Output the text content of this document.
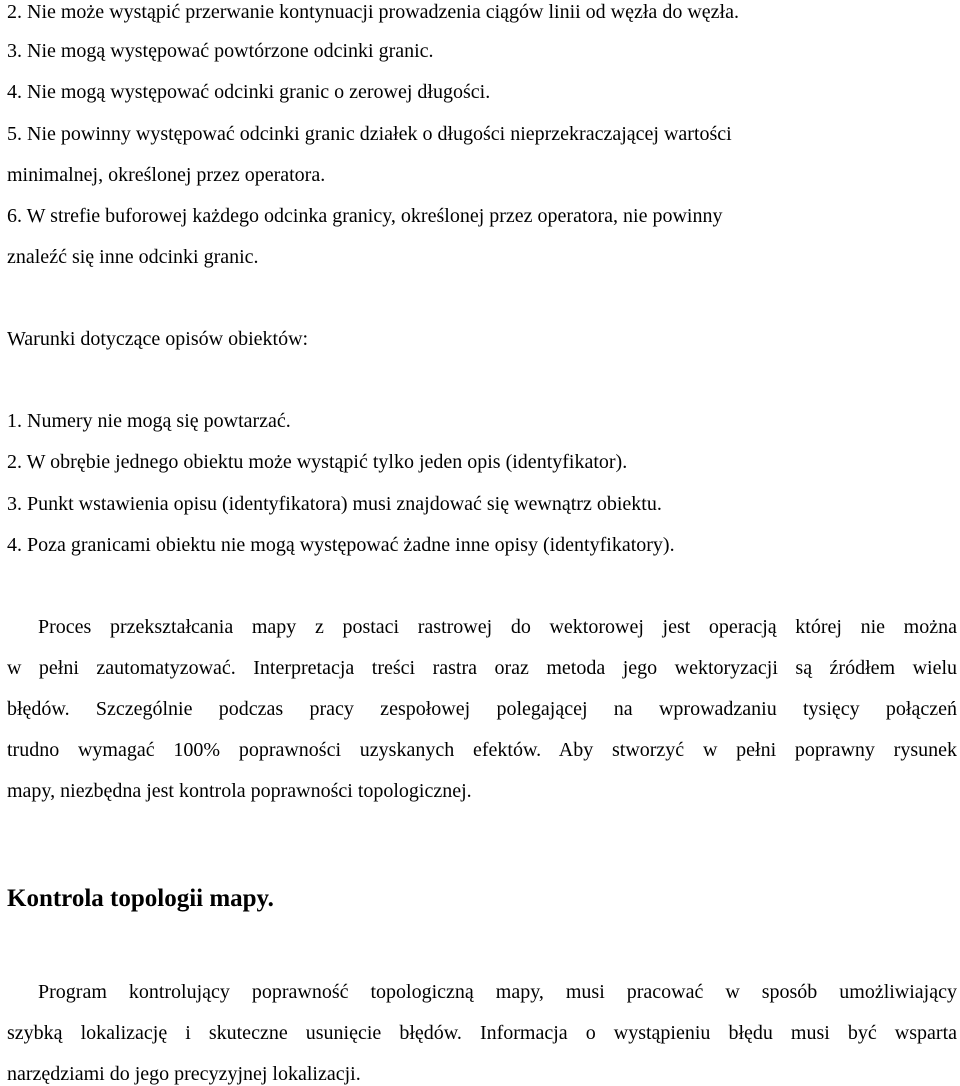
2. Nie może wystąpić przerwanie kontynuacji prowadzenia ciągów linii od węzła do węzła.
3. Nie mogą występować powtórzone odcinki granic.
4. Nie mogą występować odcinki granic o zerowej długości.
5. Nie powinny występować odcinki granic działek o długości nieprzekraczającej wartości
minimalnej, określonej przez operatora.
6. W strefie buforowej każdego odcinka granicy, określonej przez operatora, nie powinny
znaleźć się inne odcinki granic.
Warunki dotyczące opisów obiektów:
1. Numery nie mogą się powtarzać.
2. W obrębie jednego obiektu może wystąpić tylko jeden opis (identyfikator).
3. Punkt wstawienia opisu (identyfikatora) musi znajdować się wewnątrz obiektu.
4. Poza granicami obiektu nie mogą występować żadne inne opisy (identyfikatory).
Proces przekształcania mapy z postaci rastrowej do wektorowej jest operacją której nie można
w pełni zautomatyzować. Interpretacja treści rastra oraz metoda jego wektoryzacji są źródłem wielu
błędów. Szczególnie podczas pracy zespołowej polegającej na wprowadzaniu tysięcy połączeń
trudno wymagać 100% poprawności uzyskanych efektów. Aby stworzyć w pełni poprawny rysunek
mapy, niezbędna jest kontrola poprawności topologicznej.
Kontrola topologii mapy.
Program kontrolujący poprawność topologiczną mapy, musi pracować w sposób umożliwiający
szybką lokalizację i skuteczne usunięcie błędów. Informacja o wystąpieniu błędu musi być wsparta
narzędziami do jego precyzyjnej lokalizacji.
